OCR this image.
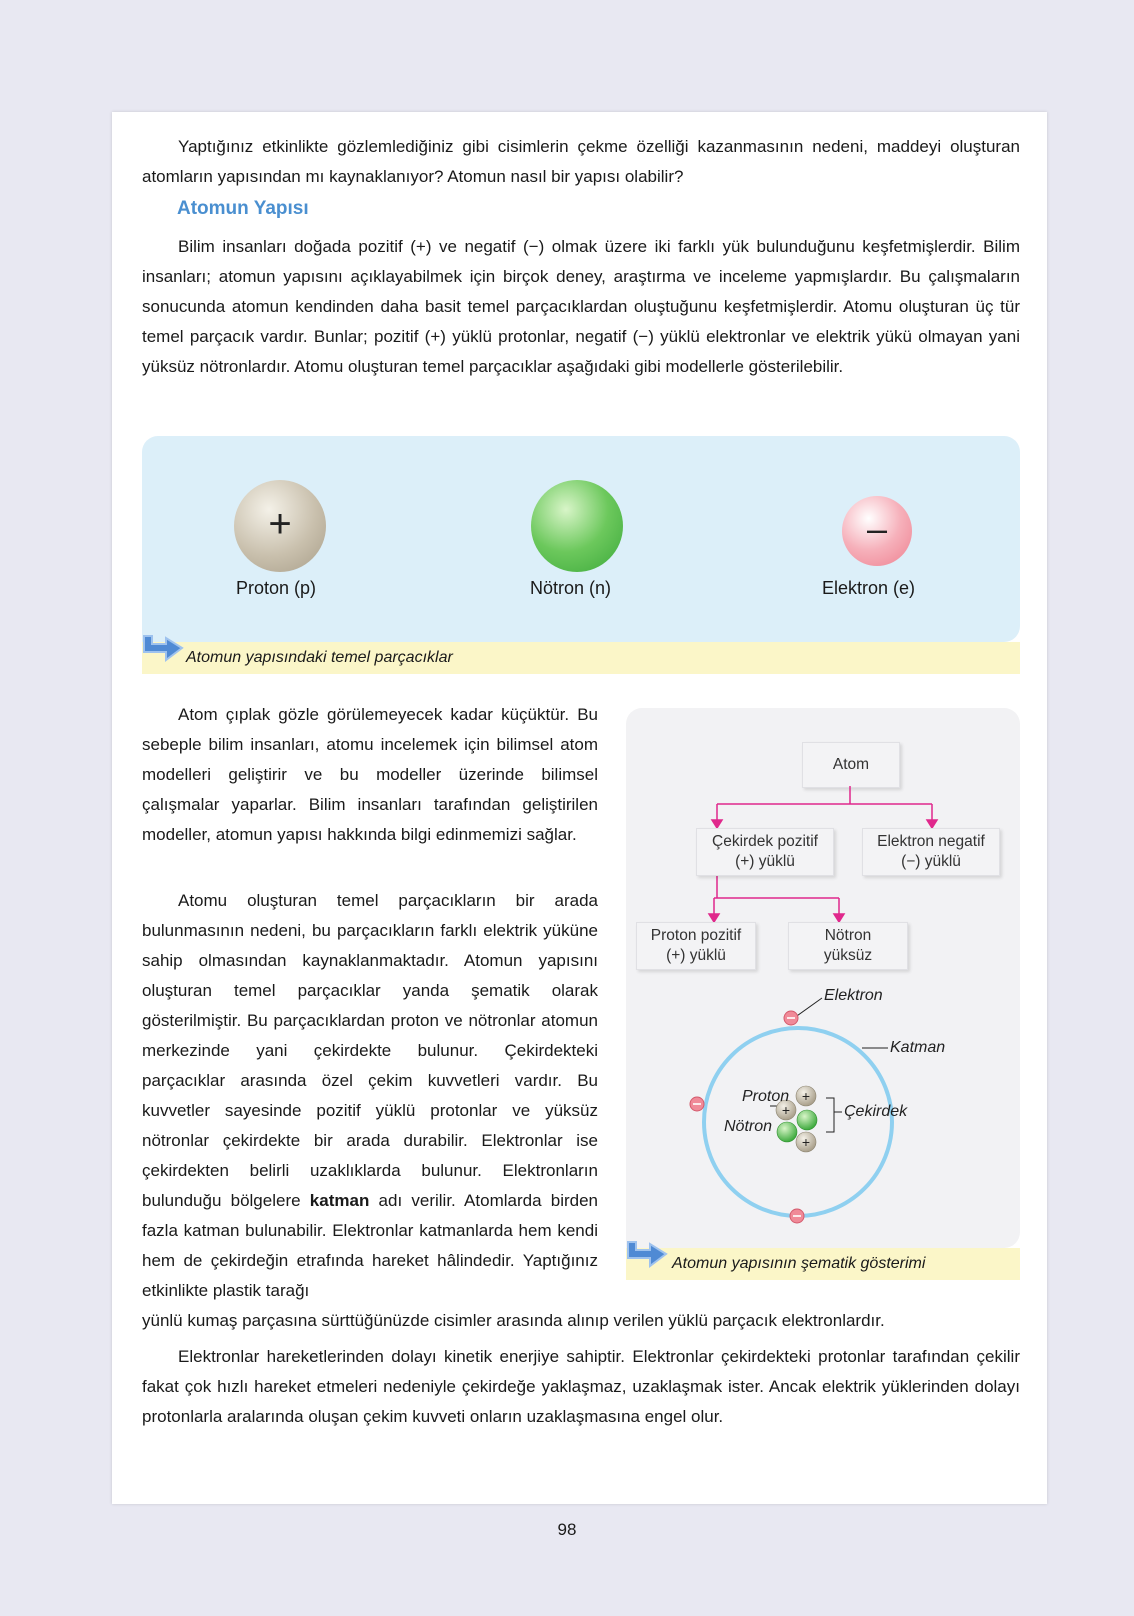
Yaptığınız etkinlikte gözlemlediğiniz gibi cisimlerin çekme özelliği kazanmasının nedeni, maddeyi oluşturan atomların yapısından mı kaynaklanıyor? Atomun nasıl bir yapısı olabilir?

Atomun Yapısı

Bilim insanları doğada pozitif (+) ve negatif (−) olmak üzere iki farklı yük bulunduğunu keşfetmişlerdir. Bilim insanları; atomun yapısını açıklayabilmek için birçok deney, araştırma ve inceleme yapmışlardır. Bu çalışmaların sonucunda atomun kendinden daha basit temel parçacıklardan oluştuğunu keşfetmişlerdir. Atomu oluşturan üç tür temel parçacık vardır. Bunlar; pozitif (+) yüklü protonlar, negatif (−) yüklü elektronlar ve elektrik yükü olmayan yani yüksüz nötronlardır. Atomu oluşturan temel parçacıklar aşağıdaki gibi modellerle gösterilebilir.

+	–
Proton (p)	Nötron (n)	Elektron (e)
Atomun yapısındaki temel parçacıklar

Atom çıplak gözle görülemeyecek kadar küçüktür. Bu sebeple bilim insanları, atomu incelemek için bilimsel atom modelleri geliştirir ve bu modeller üzerinde bilimsel çalışmalar yaparlar. Bilim insanları tarafından geliştirilen modeller, atomun yapısı hakkında bilgi edinmemizi sağlar.

Atomu oluşturan temel parçacıkların bir arada bulunmasının nedeni, bu parçacıkların farklı elektrik yüküne sahip olmasından kaynaklanmaktadır. Atomun yapısını oluşturan temel parçacıklar yanda şematik olarak gösterilmiştir. Bu parçacıklardan proton ve nötronlar atomun merkezinde yani çekirdekte bulunur. Çekirdekteki parçacıklar arasında özel çekim kuvvetleri vardır. Bu kuvvetler sayesinde pozitif yüklü protonlar ve yüksüz nötronlar çekirdekte bir arada durabilir. Elektronlar ise çekirdekten belirli uzaklıklarda bulunur. Elektronların bulunduğu bölgelere katman adı verilir. Atomlarda birden fazla katman bulunabilir. Elektronlar katmanlarda hem kendi hem de çekirdeğin etrafında hareket hâlindedir. Yaptığınız etkinlikte plastik tarağı

yünlü kumaş parçasına sürttüğünüzde cisimler arasında alınıp verilen yüklü parçacık elektronlardır.

Atom
+
+
+
Çekirdek pozitif
(+) yüklü
Elektron negatif
(−) yüklü
Proton pozitif
(+) yüklü
Nötron
yüksüz
Elektron
Katman
Proton
Nötron
Çekirdek
Atomun yapısının şematik gösterimi

Elektronlar hareketlerinden dolayı kinetik enerjiye sahiptir. Elektronlar çekirdekteki protonlar tarafından çekilir fakat çok hızlı hareket etmeleri nedeniyle çekirdeğe yaklaşmaz, uzaklaşmak ister. Ancak elektrik yüklerinden dolayı protonlarla aralarında oluşan çekim kuvveti onların uzaklaşmasına engel olur.

98
